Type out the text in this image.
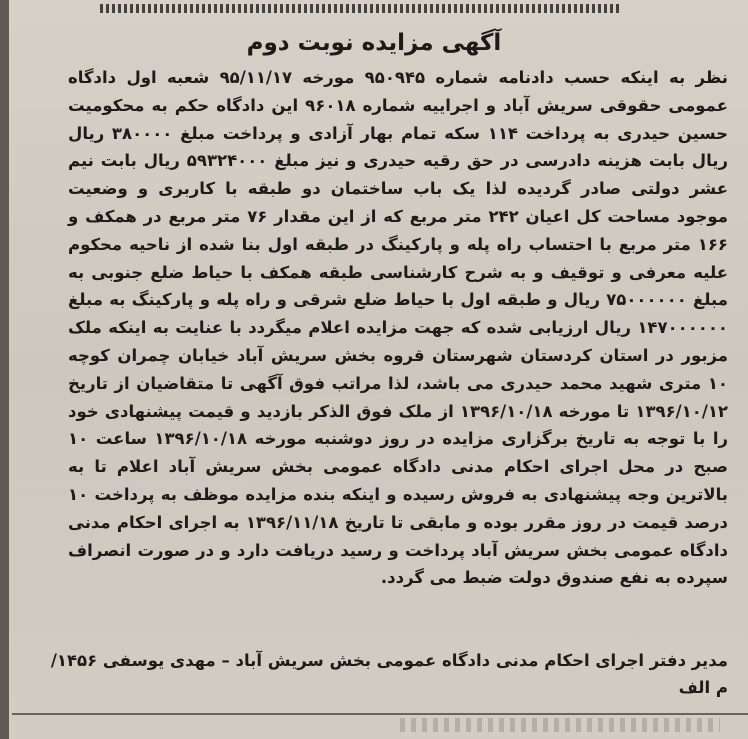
آگهی مزایده نوبت دوم
نظر به اینکه حسب دادنامه شماره ۹۵۰۹۴۵ مورخه ۹۵/۱۱/۱۷ شعبه اول دادگاه عمومی حقوقی سریش آباد و اجراییه شماره ۹۶۰۱۸ این دادگاه حکم به محکومیت حسین حیدری به پرداخت ۱۱۴ سکه تمام بهار آزادی و پرداخت مبلغ ۳۸۰۰۰۰ ریال ریال بابت هزینه دادرسی در حق رقیه حیدری و نیز مبلغ ۵۹۳۲۴۰۰۰ ریال بابت نیم عشر دولتی صادر گردیده لذا یک باب ساختمان دو طبقه با کاربری و وضعیت موجود مساحت کل اعیان ۲۴۲ متر مربع که از این مقدار ۷۶ متر مربع در همکف و ۱۶۶ متر مربع با احتساب راه پله و پارکینگ در طبقه اول بنا شده از ناحیه محکوم علیه معرفی و توقیف و به شرح کارشناسی طبقه همکف با حیاط ضلع جنوبی به مبلغ ۷۵۰۰۰۰۰۰ ریال و طبقه اول با حیاط ضلع شرقی و راه پله و پارکینگ به مبلغ ۱۴۷۰۰۰۰۰۰ ریال ارزیابی شده که جهت مزایده اعلام میگردد با عنایت به اینکه ملک مزبور در استان کردستان شهرستان قروه بخش سریش آباد خیابان چمران کوچه ۱۰ متری شهید محمد حیدری می باشد، لذا مراتب فوق آگهی تا متقاضیان از تاریخ ۱۳۹۶/۱۰/۱۲ تا مورخه ۱۳۹۶/۱۰/۱۸ از ملک فوق الذکر بازدید و قیمت پیشنهادی خود را با توجه به تاریخ برگزاری مزایده در روز دوشنبه مورخه ۱۳۹۶/۱۰/۱۸ ساعت ۱۰ صبح در محل اجرای احکام مدنی دادگاه عمومی بخش سریش آباد اعلام تا به بالاترین وجه پیشنهادی به فروش رسیده و اینکه بنده مزایده موظف به پرداخت ۱۰ درصد قیمت در روز مقرر بوده و مابقی تا تاریخ ۱۳۹۶/۱۱/۱۸ به اجرای احکام مدنی دادگاه عمومی بخش سریش آباد پرداخت و رسید دریافت دارد و در صورت انصراف سپرده به نفع صندوق دولت ضبط می گردد.
مدیر دفتر اجرای احکام مدنی دادگاه عمومی بخش سریش آباد – مهدی یوسفی ۱۴۵۶/ م الف
